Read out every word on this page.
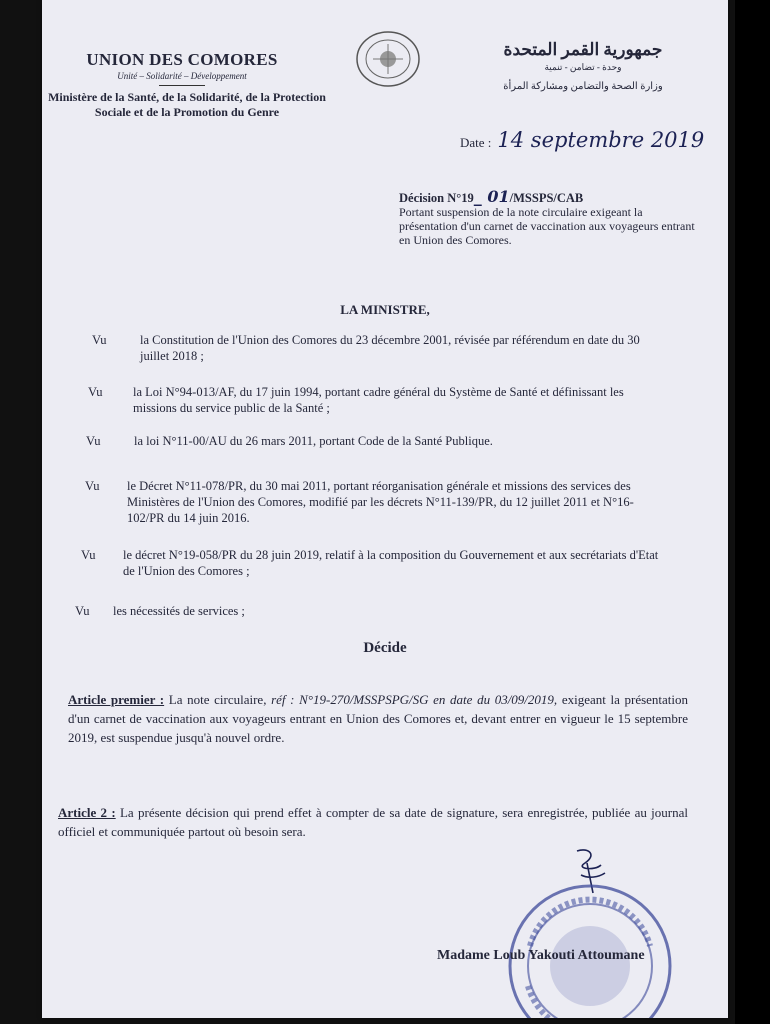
UNION DES COMORES
Unité – Solidarité – Développement
Ministère de la Santé, de la Solidarité, de la Protection Sociale et de la Promotion du Genre
جمهورية القمر المتحدة
وحدة - تضامن - تنمية
وزارة الصحة والتضامن ومشاركة المرأة
Date : 14 septembre 2019
Décision N°19_ 01/MSSPS/CAB
Portant suspension de la note circulaire exigeant la présentation d'un carnet de vaccination aux voyageurs entrant en Union des Comores.
LA MINISTRE,
Vu	la Constitution de l'Union des Comores du 23 décembre 2001, révisée par référendum en date du 30 juillet 2018 ;
Vu la Loi N°94-013/AF, du 17 juin 1994, portant cadre général du Système de Santé et définissant les missions du service public de la Santé ;
Vu	la loi N°11-00/AU du 26 mars 2011, portant Code de la Santé Publique.
Vu le Décret N°11-078/PR, du 30 mai 2011, portant réorganisation générale et missions des services des Ministères de l'Union des Comores, modifié par les décrets N°11-139/PR, du 12 juillet 2011 et N°16-102/PR du 14 juin 2016.
Vu le décret N°19-058/PR du 28 juin 2019, relatif à la composition du Gouvernement et aux secrétariats d'Etat de l'Union des Comores ;
Vu les nécessités de services ;
Décide
Article premier : La note circulaire, réf : N°19-270/MSSPSPG/SG en date du 03/09/2019, exigeant la présentation d'un carnet de vaccination aux voyageurs entrant en Union des Comores et, devant entrer en vigueur le 15 septembre 2019, est suspendue jusqu'à nouvel ordre.
Article 2 : La présente décision qui prend effet à compter de sa date de signature, sera enregistrée, publiée au journal officiel et communiquée partout où besoin sera.
Madame Loub Yakouti Attoumane
